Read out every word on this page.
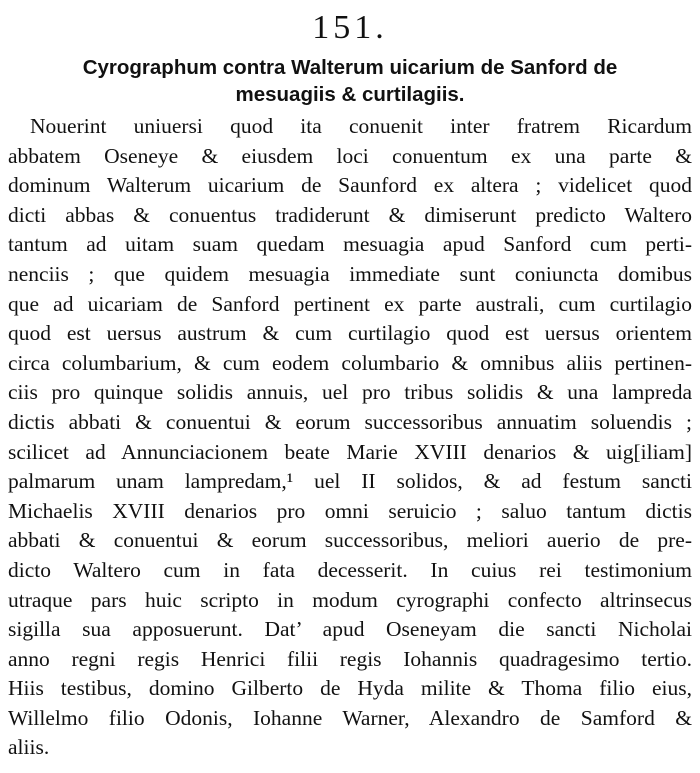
151.
Cyrographum contra Walterum uicarium de Sanford de
mesuagiis & curtilagiis.
Nouerint uniuersi quod ita conuenit inter fratrem Ricardum
abbatem Oseneye & eiusdem loci conuentum ex una parte &
dominum Walterum uicarium de Saunford ex altera ; videlicet quod
dicti abbas & conuentus tradiderunt & dimiserunt predicto Waltero
tantum ad uitam suam quedam mesuagia apud Sanford cum perti-
nenciis ; que quidem mesuagia immediate sunt coniuncta domibus
que ad uicariam de Sanford pertinent ex parte australi, cum curtilagio
quod est uersus austrum & cum curtilagio quod est uersus orientem
circa columbarium, & cum eodem columbario & omnibus aliis pertinen-
ciis pro quinque solidis annuis, uel pro tribus solidis & una lampreda
dictis abbati & conuentui & eorum successoribus annuatim soluendis ;
scilicet ad Annunciacionem beate Marie XVIII denarios & uig[iliam]
palmarum unam lampredam,¹ uel II solidos, & ad festum sancti
Michaelis XVIII denarios pro omni seruicio ; saluo tantum dictis
abbati & conuentui & eorum successoribus, meliori auerio de pre-
dicto Waltero cum in fata decesserit. In cuius rei testimonium
utraque pars huic scripto in modum cyrographi confecto altrinsecus
sigilla sua apposuerunt. Dat’ apud Oseneyam die sancti Nicholai
anno regni regis Henrici filii regis Iohannis quadragesimo tertio.
Hiis testibus, domino Gilberto de Hyda milite & Thoma filio eius,
Willelmo filio Odonis, Iohanne Warner, Alexandro de Samford &
aliis.
